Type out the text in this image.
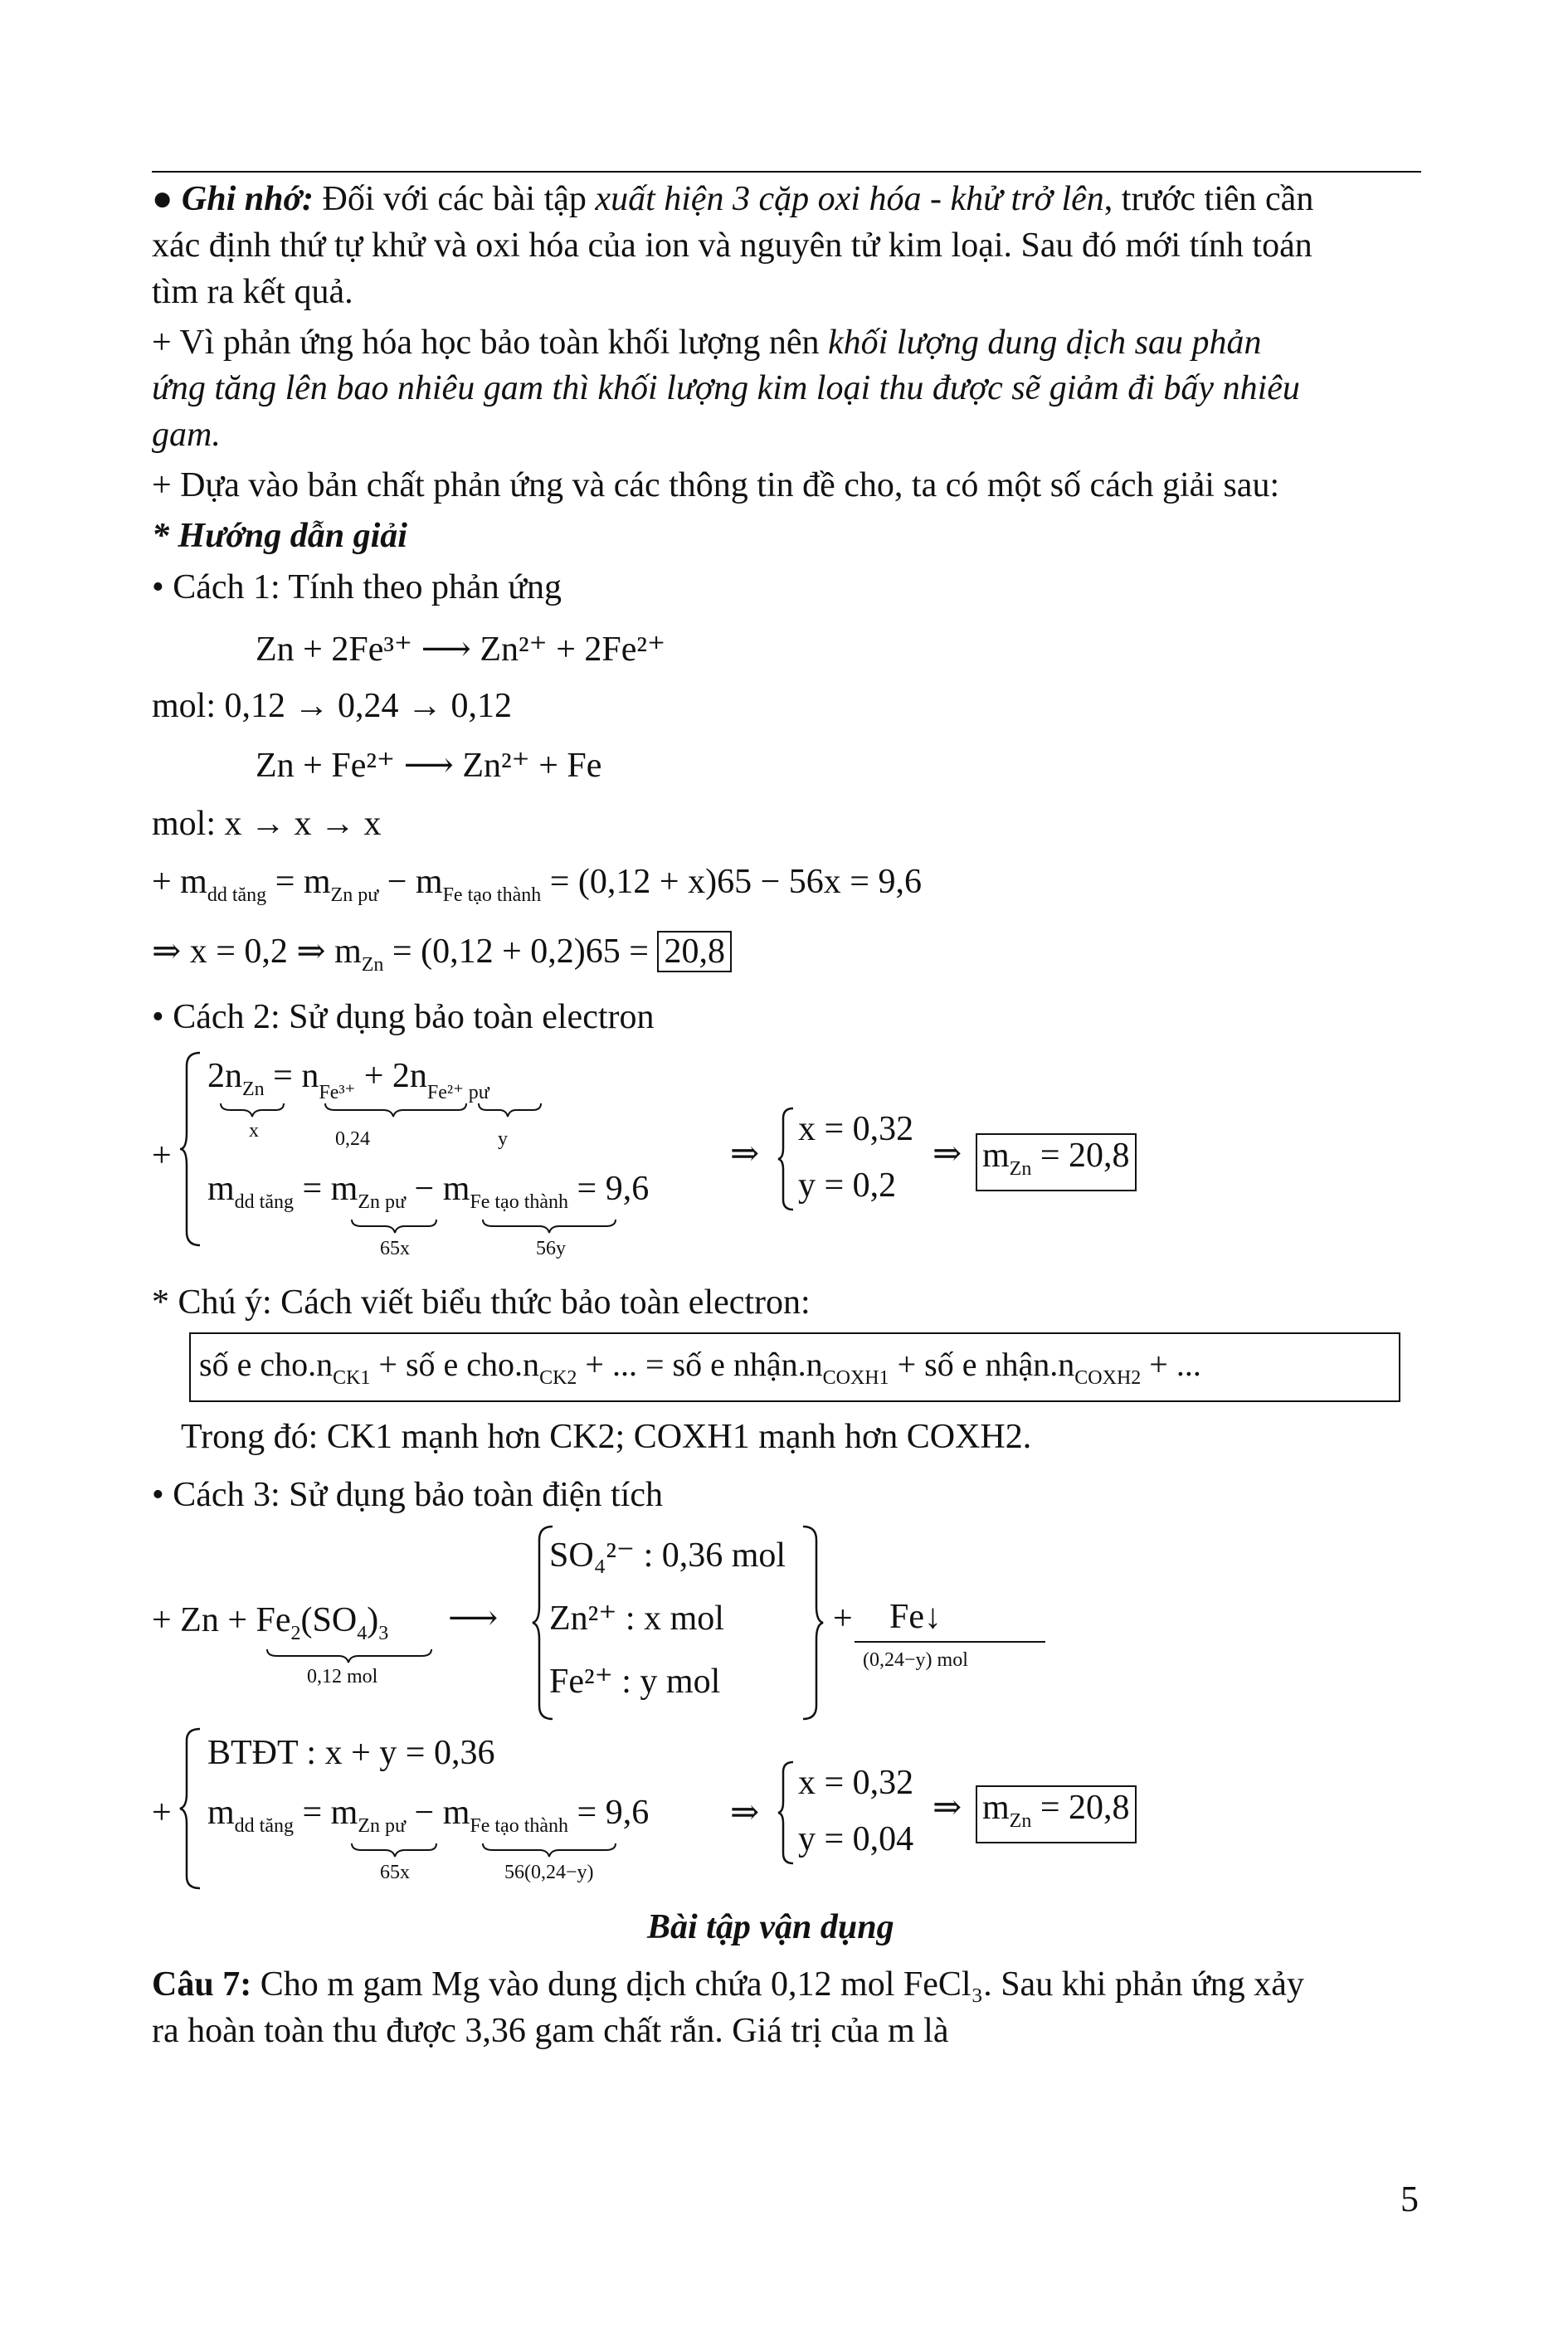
● Ghi nhớ: Đối với các bài tập xuất hiện 3 cặp oxi hóa - khử trở lên, trước tiên cần
xác định thứ tự khử và oxi hóa của ion và nguyên tử kim loại. Sau đó mới tính toán
tìm ra kết quả.
+ Vì phản ứng hóa học bảo toàn khối lượng nên khối lượng dung dịch sau phản
ứng tăng lên bao nhiêu gam thì khối lượng kim loại thu được sẽ giảm đi bấy nhiêu
gam.
+ Dựa vào bản chất phản ứng và các thông tin đề cho, ta có một số cách giải sau:
* Hướng dẫn giải
• Cách 1: Tính theo phản ứng
Zn + 2Fe³⁺ ⟶ Zn²⁺ + 2Fe²⁺
mol: 0,12 → 0,24 → 0,12
Zn + Fe²⁺ ⟶ Zn²⁺ + Fe
mol: x → x → x
+ $m_{dd tăng} = m_{Zn pư} - m_{Fe tạo thành} = (0,12 + x)65 - 56x = 9,6$
⇒ x = 0,2 ⇒ $m_{Zn} = (0,12 + 0,2)65 = 20,8$
• Cách 2: Sử dụng bảo toàn electron
+
$2n_{Zn} = n^{Fe^{3+}} + 2n^{Fe^{2+} pư}$
x	0,24	y
$m_{dd tăng} = m_{Zn pư} - m_{Fe tạo thành} = 9,6$
65x	56y
⇒
x = 0,32
y = 0,2
⇒ $m_{Zn} = 20,8$
* Chú ý: Cách viết biểu thức bảo toàn electron:
số e $cho.n_{CK1}$ + số e $cho.n_{CK2}$ + ... = số e $nhận.n_{COXH1}$ + số e $nhận.n_{COXH2}$ + ...
Trong đó: CK1 mạnh hơn CK2; COXH1 mạnh hơn COXH2.
• Cách 3: Sử dụng bảo toàn điện tích
+ $Zn + Fe_2(SO_4)_3$
0,12 mol
⟶
SO₄²⁻ : 0,36 mol
Zn²⁺ : x mol
Fe²⁺ : y mol
+ Fe↓
(0,24−y) mol
+
BTĐT : x + y = 0,36
$m_{dd tăng} = m_{Zn pư} - m_{Fe tạo thành} = 9,6$
65x	56(0,24−y)
⇒
x = 0,32
y = 0,04
⇒ $m_{Zn} = 20,8$
Bài tập vận dụng
Câu 7: Cho m gam Mg vào dung dịch chứa 0,12 mol FeCl₃. Sau khi phản ứng xảy
ra hoàn toàn thu được 3,36 gam chất rắn. Giá trị của m là
5
